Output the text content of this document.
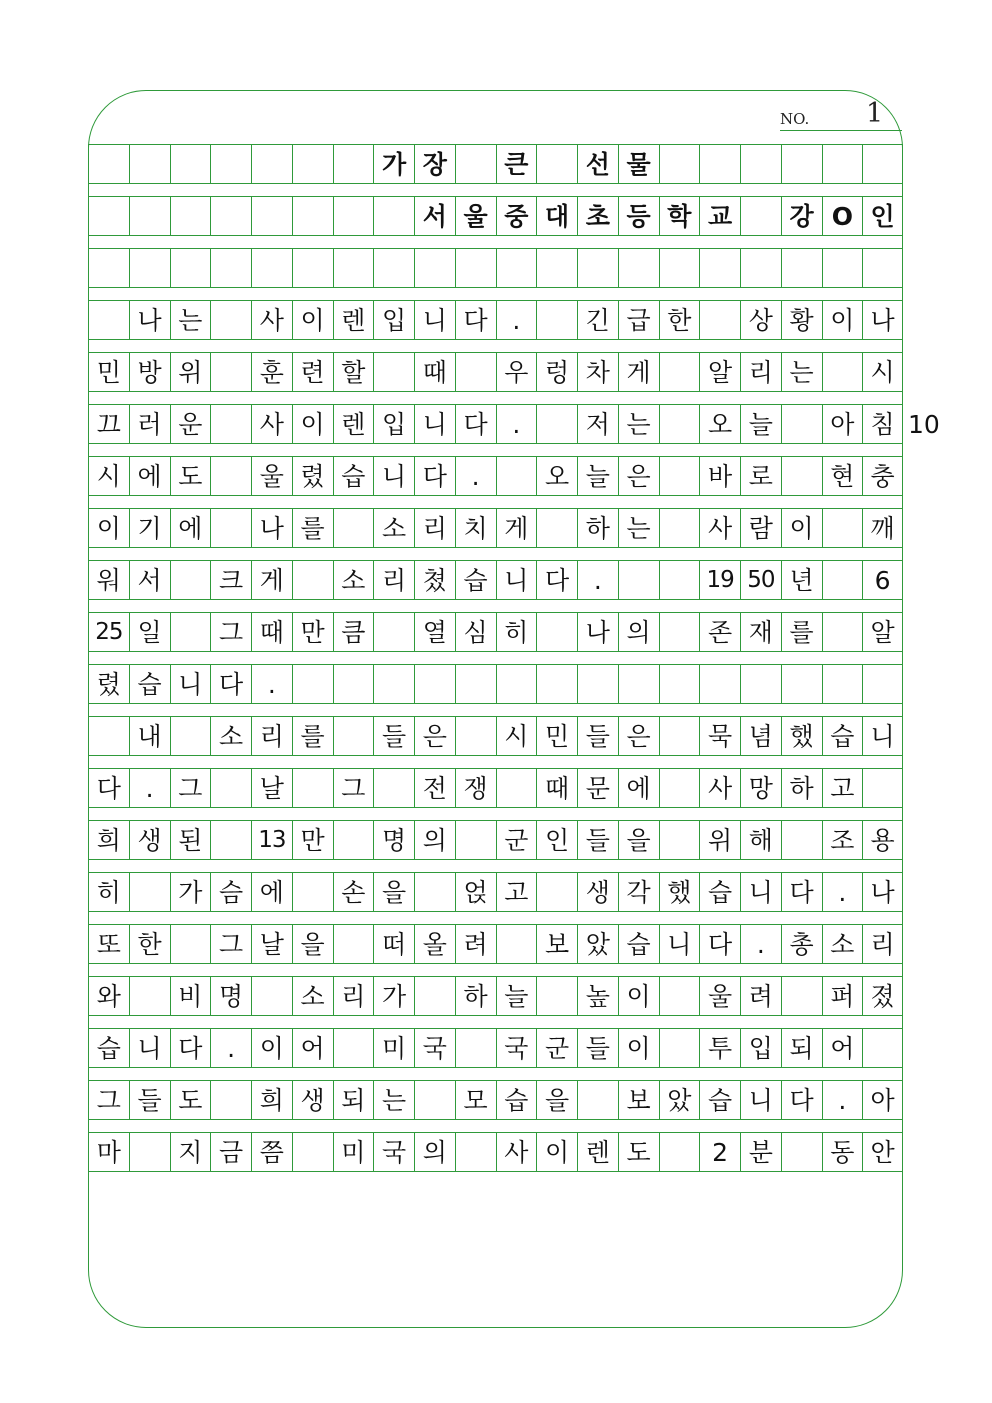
NO. 1
10
가 장	큰	선 물
서 울 중 대 초 등 학 교	강 O 인
나 는	사 이 렌 입 니 다 .	긴 급 한	상 황 이 나
민 방 위	훈 련 할	때	우 렁 차 게	알 리 는	시
끄 러 운	사 이 렌 입 니 다 .	저 는	오 늘	아 침
시 에 도	울 렸 습 니 다 .	오 늘 은	바 로	현 충
이 기 에	나 를	소 리 치 게	하 는	사 람 이	깨
워 서	크 게	소 리 쳤 습 니 다 .	19 50 년	6
25 일	그 때 만 큼	열 심 히	나 의	존 재 를	알
렸 습 니 다 .
내	소 리 를	들 은	시 민 들 은	묵 념 했 습 니
다 . 그	날	그	전 쟁	때 문 에	사 망 하 고
희 생 된	13 만	명 의	군 인 들 을	위 해	조 용
히	가 슴 에	손 을	얹 고	생 각 했 습 니 다 . 나
또 한	그 날 을	떠 올 려	보 았 습 니 다 . 총 소 리
와	비 명	소 리 가	하 늘	높 이	울 려	퍼 졌
습 니 다 . 이 어	미 국	국 군 들 이	투 입 되 어
그 들 도	희 생 되 는	모 습 을	보 았 습 니 다 . 아
마	지 금 쯤	미 국 의	사 이 렌 도	2 분	동 안
